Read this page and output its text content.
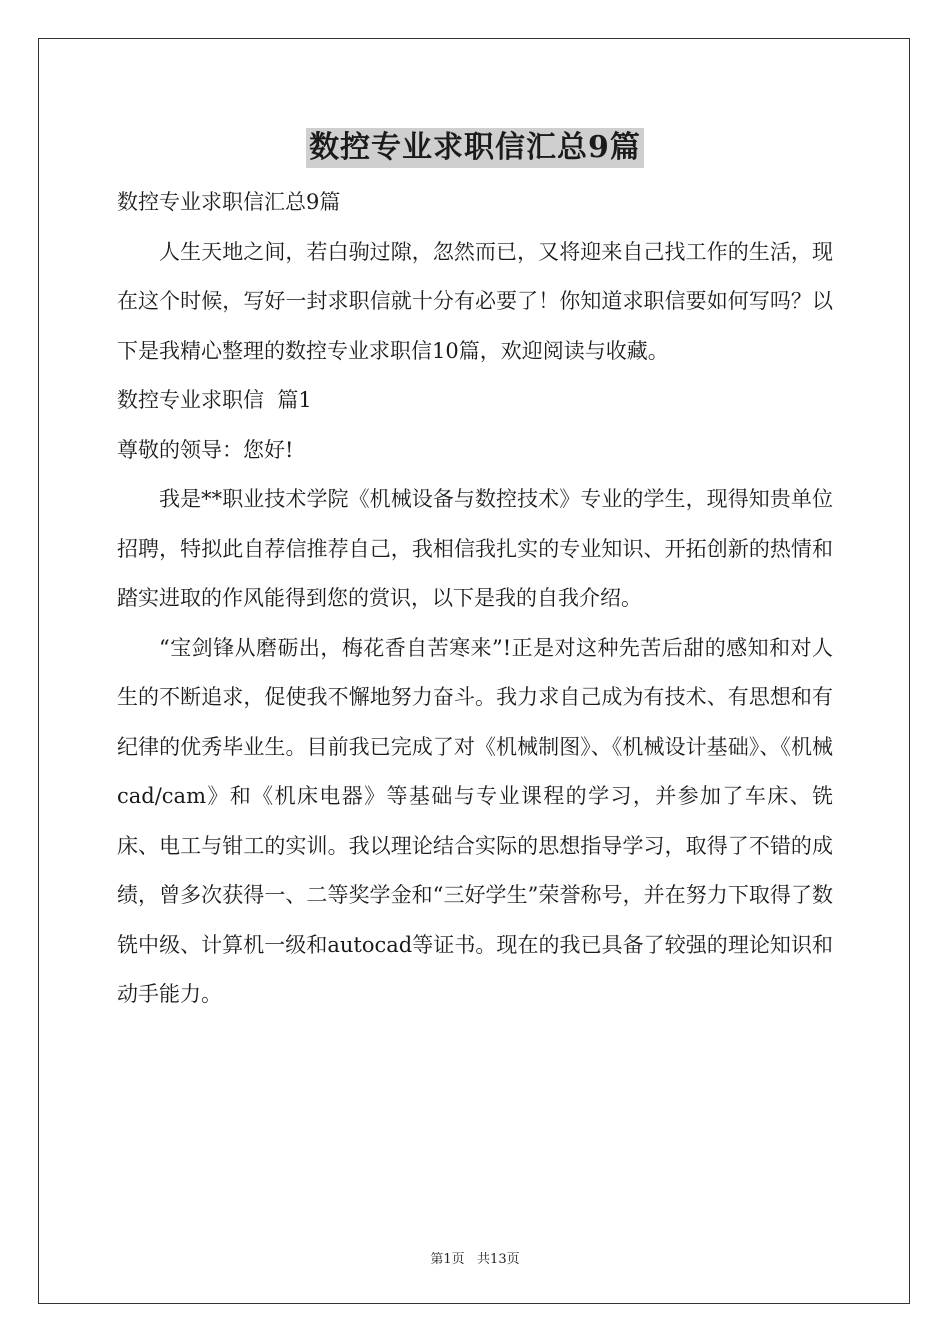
数控专业求职信汇总9篇

数控专业求职信汇总9篇

人生天地之间，若白驹过隙，忽然而已，又将迎来自己找工作的生活，现在这个时候，写好一封求职信就十分有必要了！你知道求职信要如何写吗？以下是我精心整理的数控专业求职信10篇，欢迎阅读与收藏。

数控专业求职信  篇1

尊敬的领导：您好!

我是**职业技术学院《机械设备与数控技术》专业的学生，现得知贵单位招聘，特拟此自荐信推荐自己，我相信我扎实的专业知识、开拓创新的热情和踏实进取的作风能得到您的赏识，以下是我的自我介绍。

“宝剑锋从磨砺出，梅花香自苦寒来”!正是对这种先苦后甜的感知和对人生的不断追求，促使我不懈地努力奋斗。我力求自己成为有技术、有思想和有纪律的优秀毕业生。目前我已完成了对《机械制图》、《机械设计基础》、《机械cad/cam》和《机床电器》等基础与专业课程的学习，并参加了车床、铣床、电工与钳工的实训。我以理论结合实际的思想指导学习，取得了不错的成绩，曾多次获得一、二等奖学金和“三好学生”荣誉称号，并在努力下取得了数铣中级、计算机一级和autocad等证书。现在的我已具备了较强的理论知识和动手能力。

第1页   共13页
